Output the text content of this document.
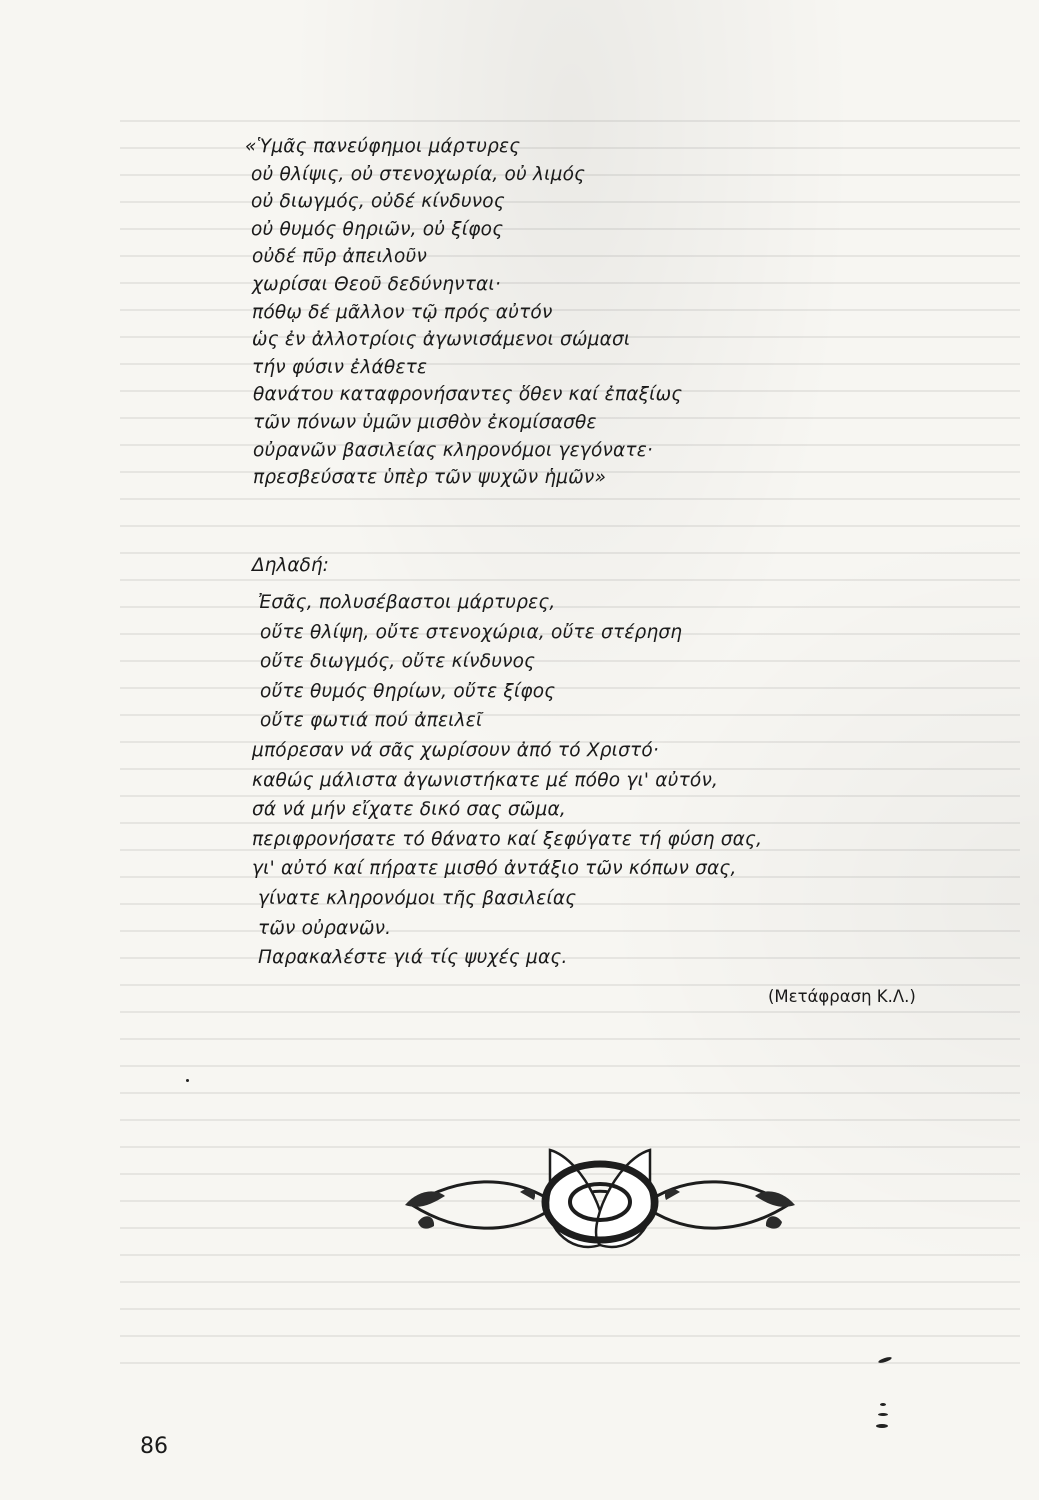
«Ὑμᾶς πανεύφημοι μάρτυρες
οὐ θλίψις, οὐ στενοχωρία, οὐ λιμός
οὐ διωγμός, οὐδέ κίνδυνος
οὐ θυμός θηριῶν, οὐ ξίφος
οὐδέ πῦρ ἀπειλοῦν
χωρίσαι Θεοῦ δεδύνηνται·
πόθῳ δέ μᾶλλον τῷ πρός αὐτόν
ὡς ἐν ἀλλοτρίοις ἀγωνισάμενοι σώμασι
τήν φύσιν ἐλάθετε
θανάτου καταφρονήσαντες ὅθεν καί ἐπαξίως
τῶν πόνων ὑμῶν μισθὸν ἐκομίσασθε
οὐρανῶν βασιλείας κληρονόμοι γεγόνατε·
πρεσβεύσατε ὑπὲρ τῶν ψυχῶν ἡμῶν»
Δηλαδή:
Ἐσᾶς, πολυσέβαστοι μάρτυρες,
οὔτε θλίψη, οὔτε στενοχώρια, οὔτε στέρηση
οὔτε διωγμός, οὔτε κίνδυνος
οὔτε θυμός θηρίων, οὔτε ξίφος
οὔτε φωτιά πού ἀπειλεῖ
μπόρεσαν νά σᾶς χωρίσουν ἀπό τό Χριστό·
καθώς μάλιστα ἀγωνιστήκατε μέ πόθο γι' αὐτόν,
σά νά μήν εἴχατε δικό σας σῶμα,
περιφρονήσατε τό θάνατο καί ξεφύγατε τή φύση σας,
γι' αὐτό καί πήρατε μισθό ἀντάξιο τῶν κόπων σας,
γίνατε κληρονόμοι τῆς βασιλείας
τῶν οὐρανῶν.
Παρακαλέστε γιά τίς ψυχές μας.
(Μετάφραση Κ.Λ.)
86
